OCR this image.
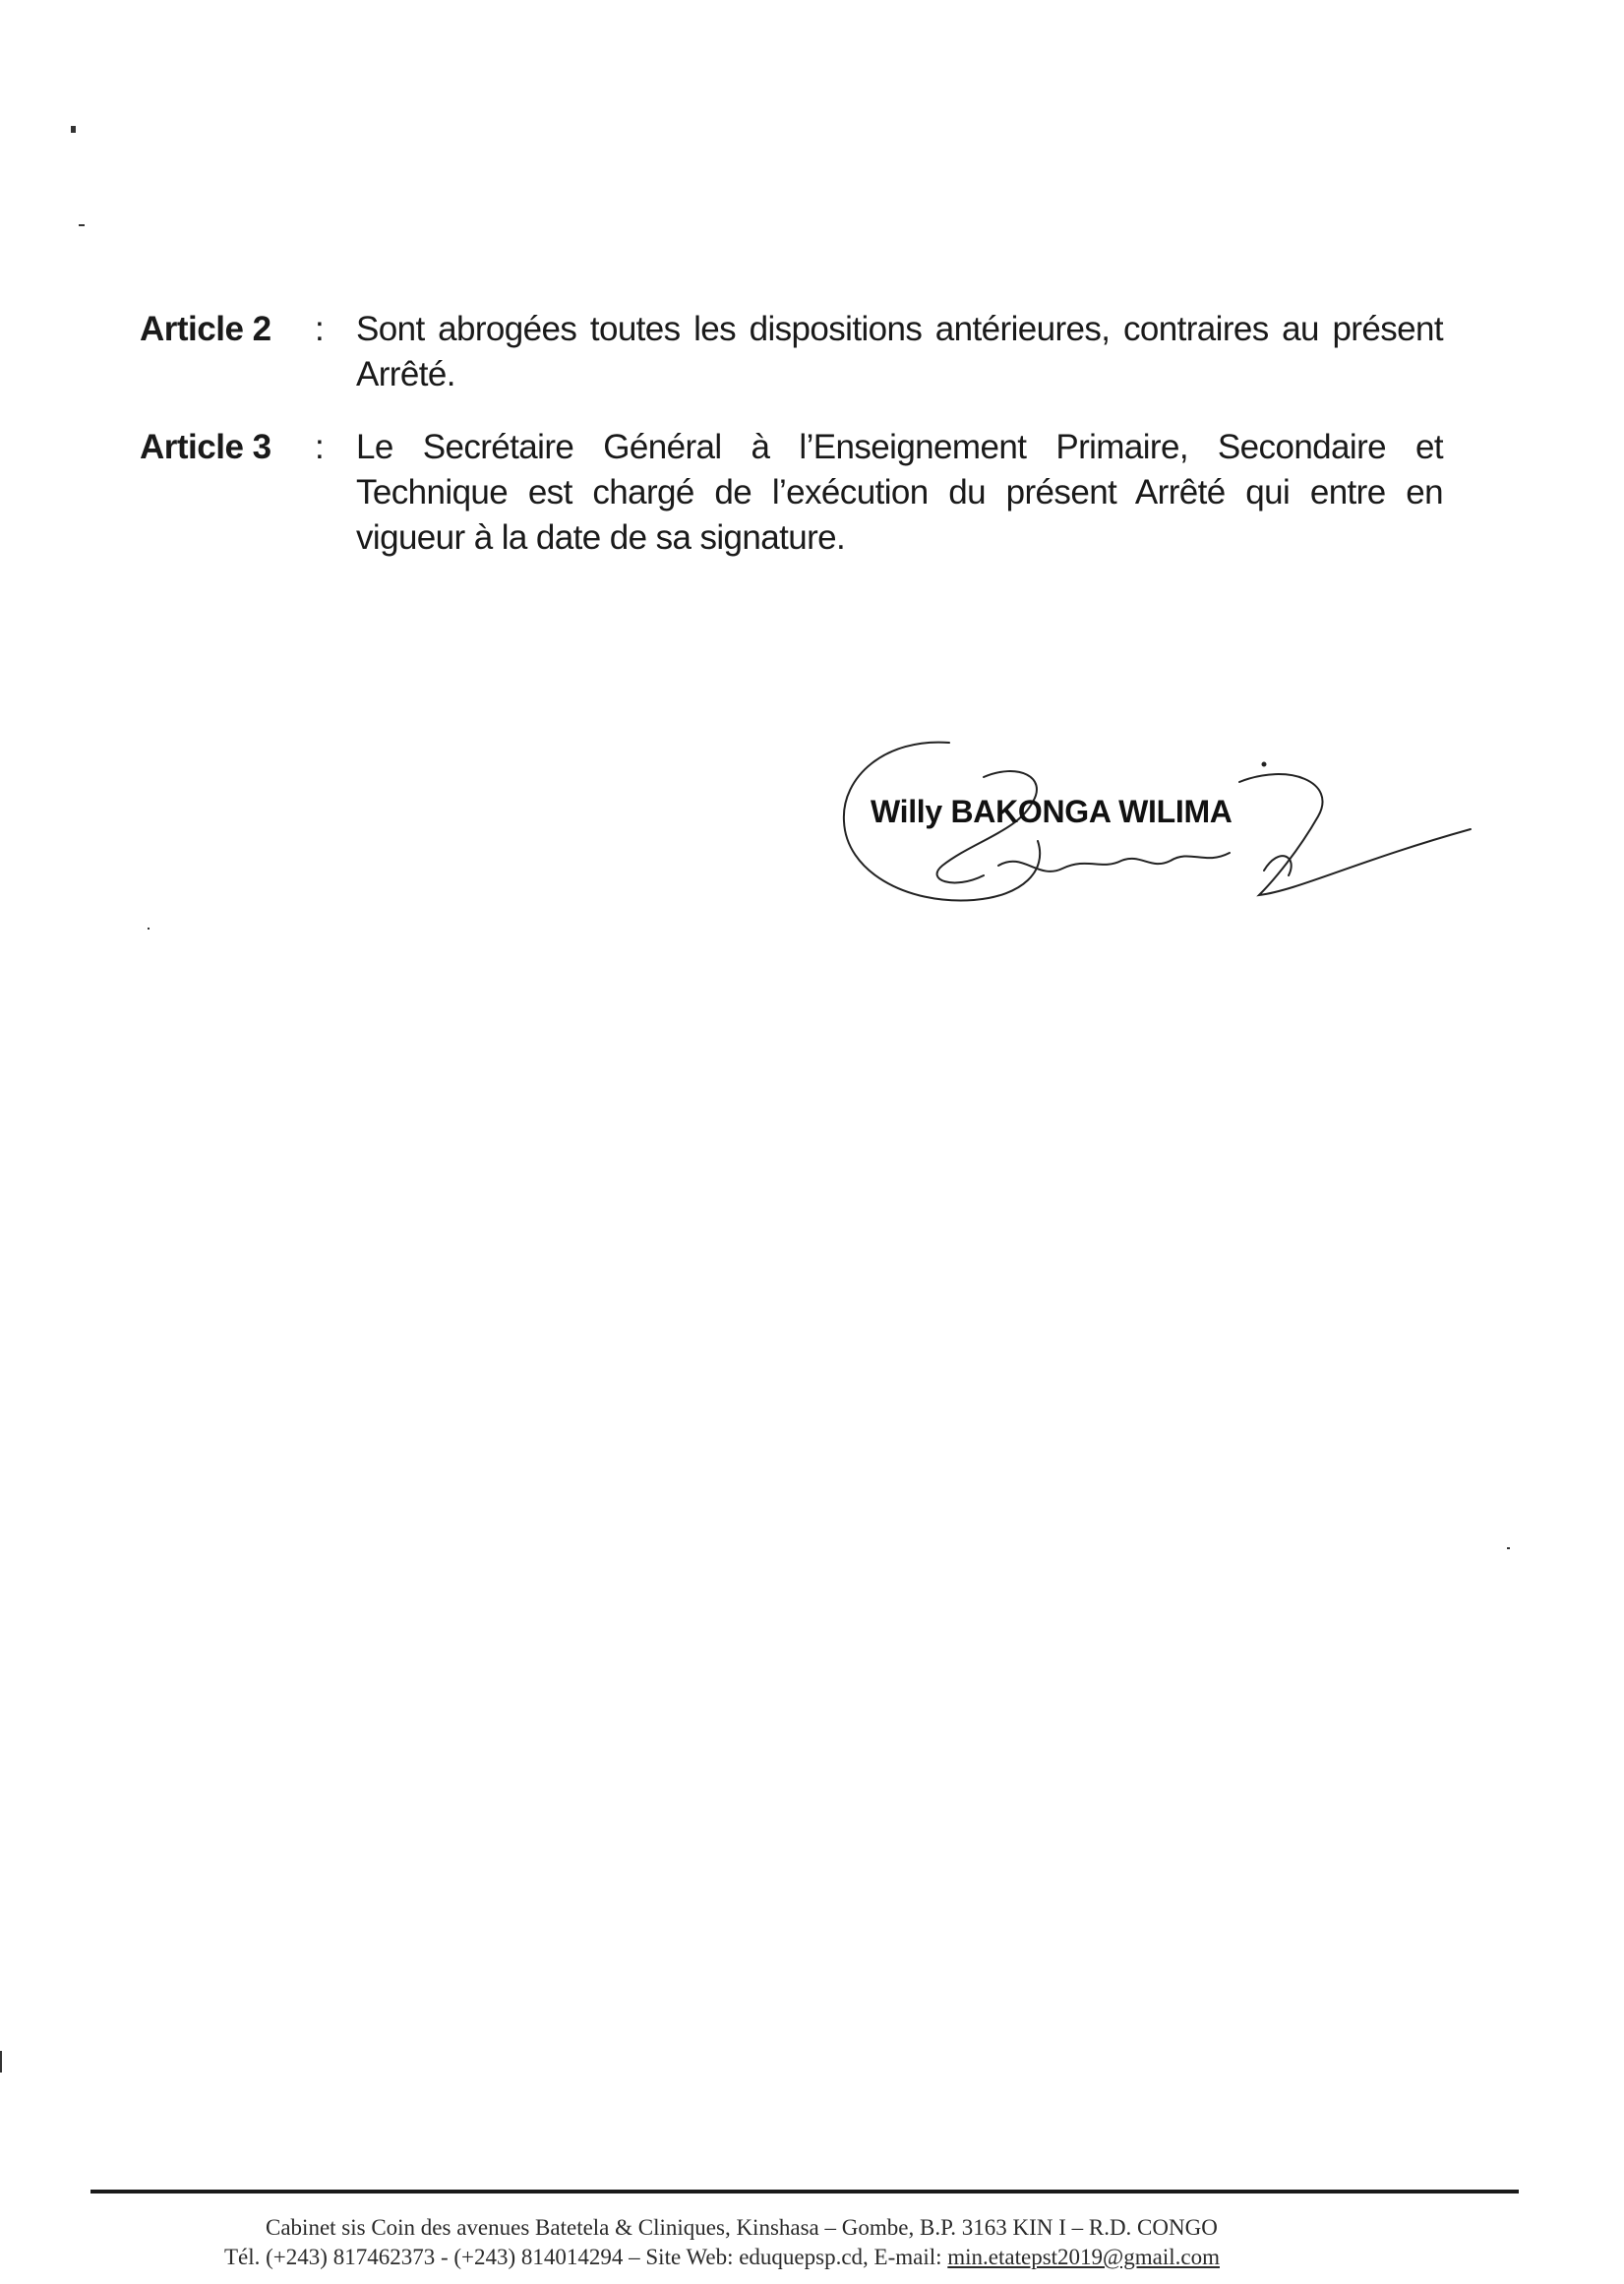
Article 2 : Sont abrogées toutes les dispositions antérieures, contraires au présent Arrêté.
Article 3 : Le Secrétaire Général à l’Enseignement Primaire, Secondaire et Technique est chargé de l’exécution du présent Arrêté qui entre en vigueur à la date de sa signature.
Willy BAKONGA WILIMA
Cabinet sis Coin des avenues Batetela & Cliniques, Kinshasa – Gombe, B.P. 3163 KIN I – R.D. CONGO
Tél. (+243) 817462373 - (+243) 814014294 – Site Web: eduquepsp.cd, E-mail: min.etatepst2019@gmail.com
